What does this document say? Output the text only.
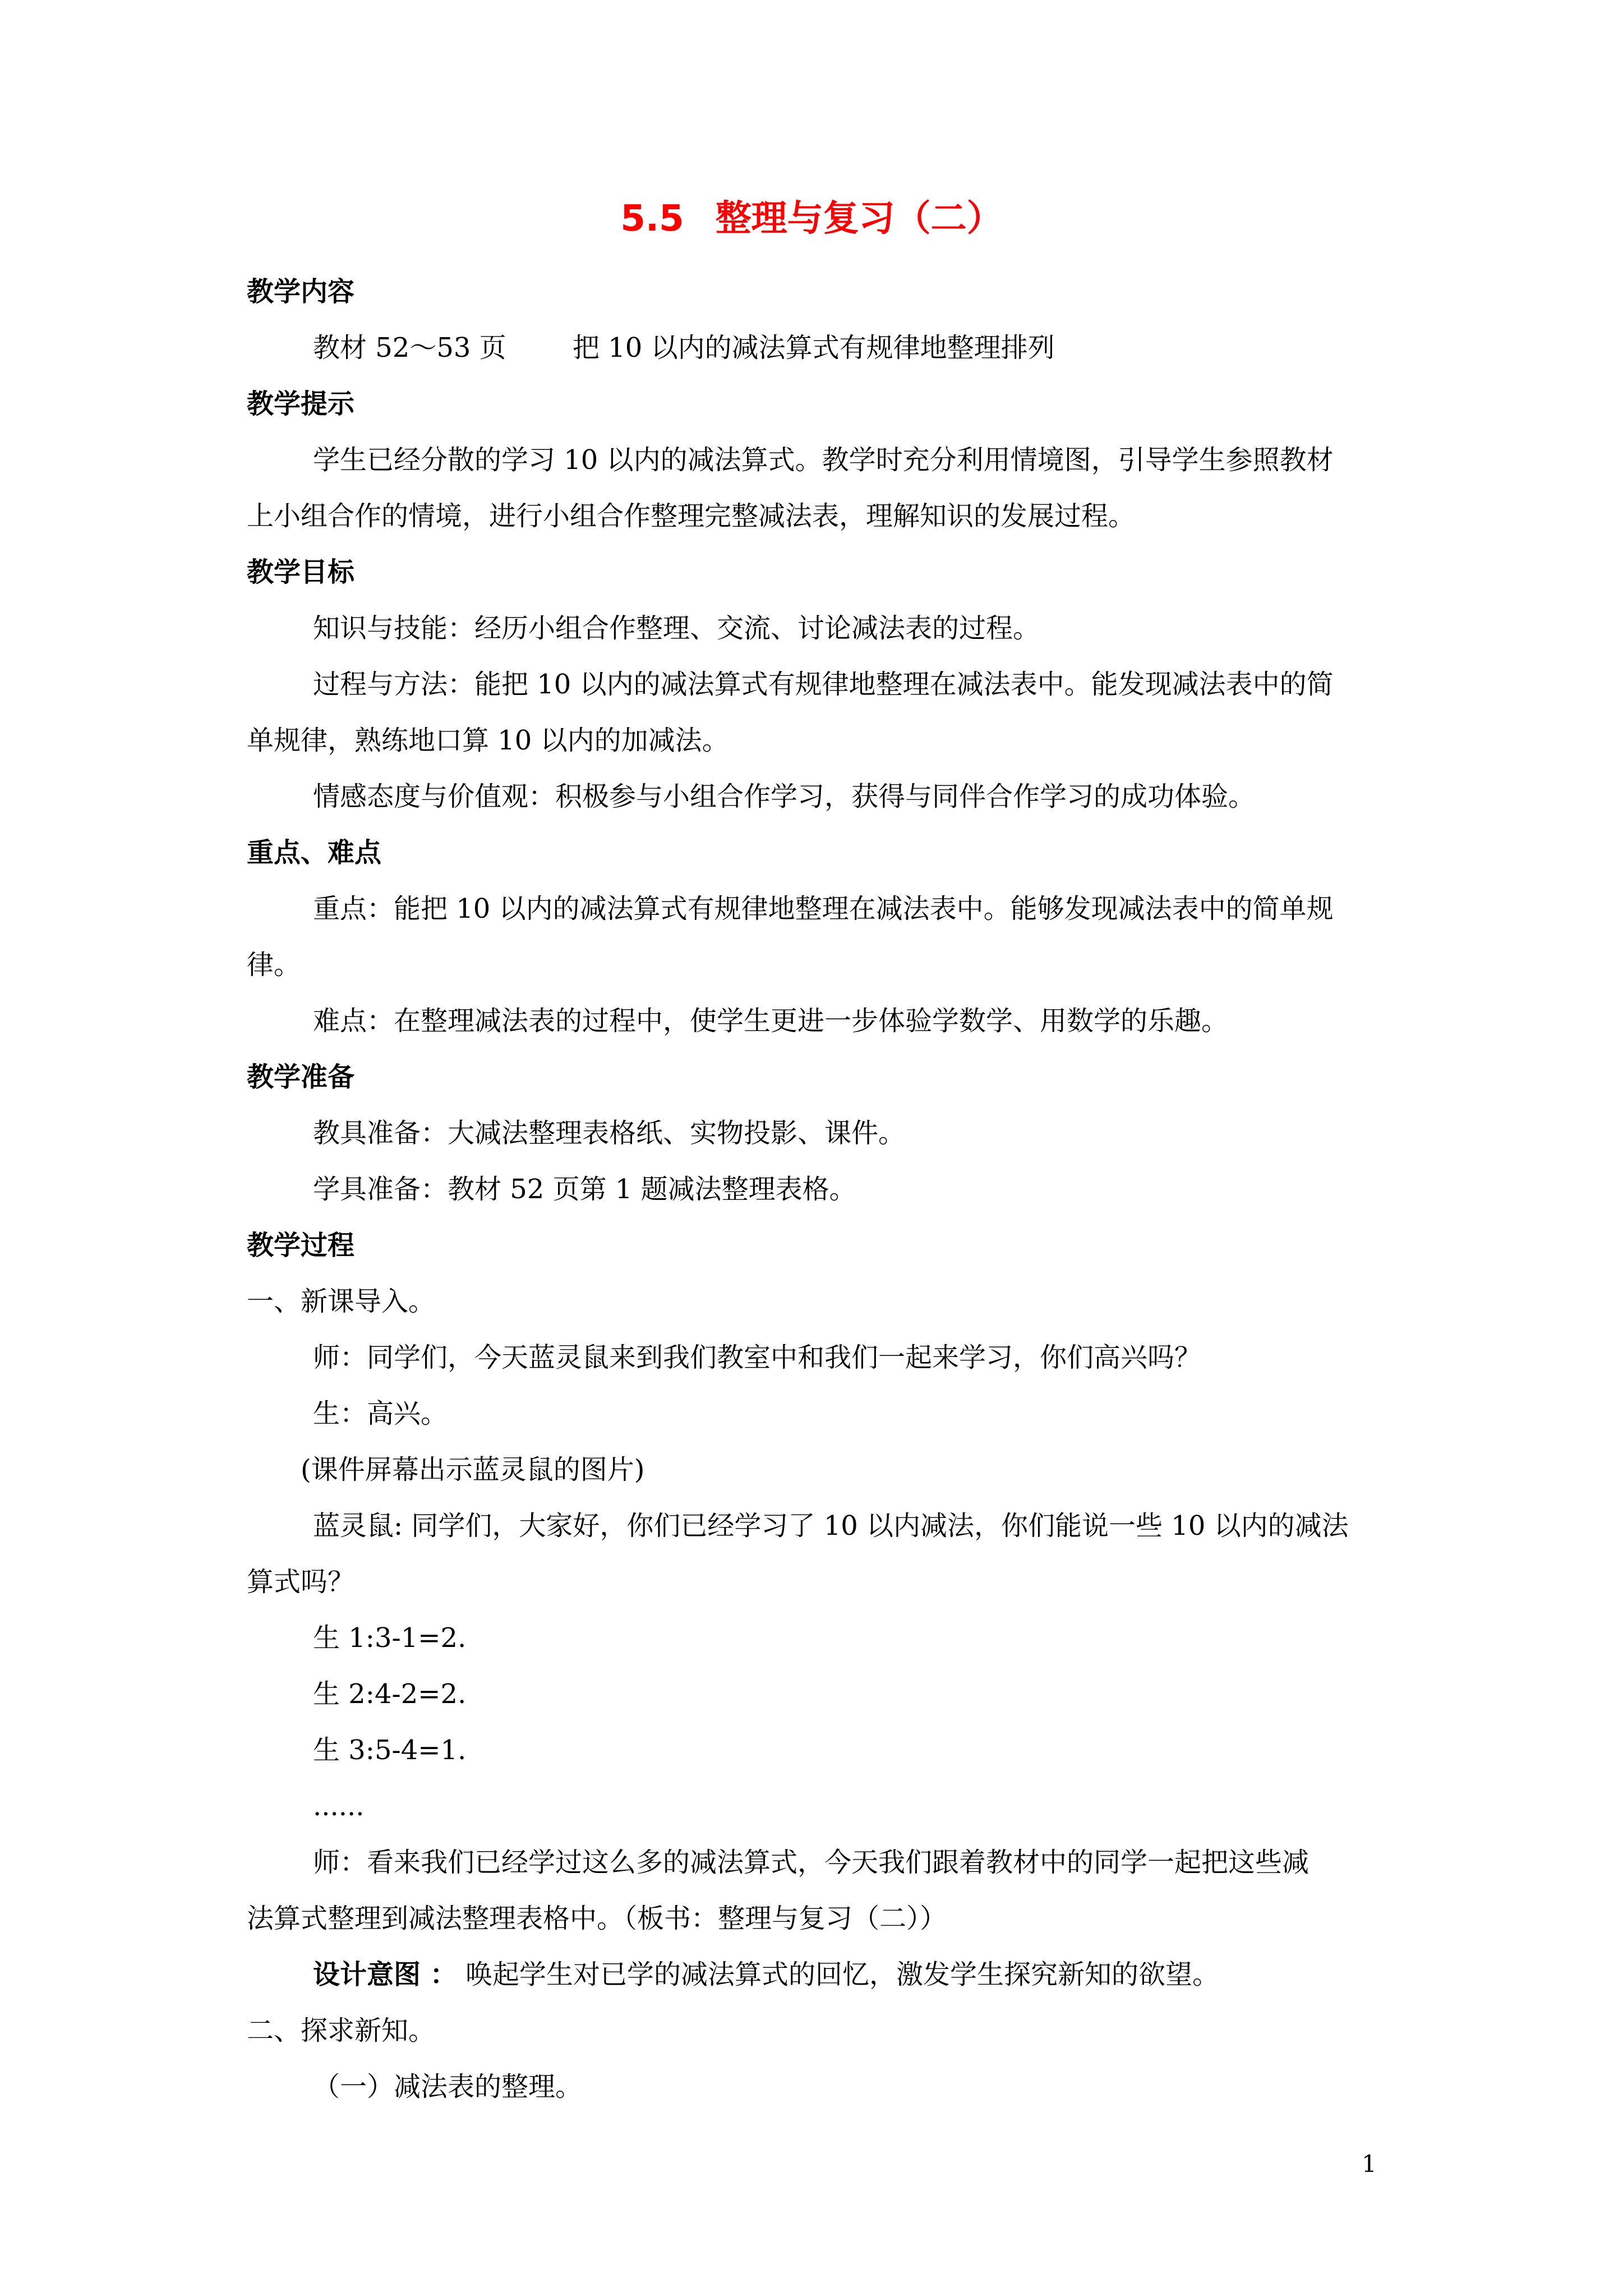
5.5 整理与复习（二）
教学内容
教材 52～53 页 把 10 以内的减法算式有规律地整理排列
教学提示
学生已经分散的学习 10 以内的减法算式。教学时充分利用情境图，引导学生参照教材
上小组合作的情境，进行小组合作整理完整减法表，理解知识的发展过程。
教学目标
知识与技能：经历小组合作整理、交流、讨论减法表的过程。
过程与方法：能把 10 以内的减法算式有规律地整理在减法表中。能发现减法表中的简
单规律，熟练地口算 10 以内的加减法。
情感态度与价值观：积极参与小组合作学习，获得与同伴合作学习的成功体验。
重点、难点
重点：能把 10 以内的减法算式有规律地整理在减法表中。能够发现减法表中的简单规
律。
难点：在整理减法表的过程中，使学生更进一步体验学数学、用数学的乐趣。
教学准备
教具准备：大减法整理表格纸、实物投影、课件。
学具准备：教材 52 页第 1 题减法整理表格。
教学过程
一、新课导入。
师：同学们，今天蓝灵鼠来到我们教室中和我们一起来学习，你们高兴吗？
生：高兴。
(课件屏幕出示蓝灵鼠的图片)
蓝灵鼠: 同学们，大家好，你们已经学习了 10 以内减法，你们能说一些 10 以内的减法
算式吗？
生 1:3-1=2.
生 2:4-2=2.
生 3:5-4=1.
......
师：看来我们已经学过这么多的减法算式，今天我们跟着教材中的同学一起把这些减
法算式整理到减法整理表格中。（板书：整理与复习（二））
设计意图 ： 唤起学生对已学的减法算式的回忆，激发学生探究新知的欲望。
二、探求新知。
（一）减法表的整理。
1
